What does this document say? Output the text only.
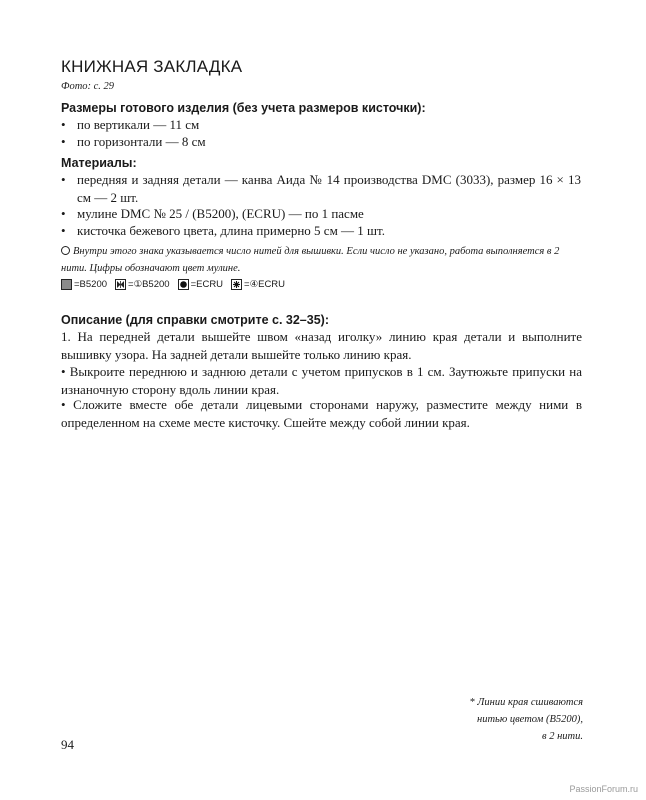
КНИЖНАЯ ЗАКЛАДКА
Фото: с. 29
Размеры готового изделия (без учета размеров кисточки):
• по вертикали — 11 см
• по горизонтали — 8 см
Материалы:
• передняя и задняя детали — канва Аида № 14 производства DMC (3033), размер 16 × 13 см — 2 шт.
• мулине DMC № 25 / (B5200), (ECRU) — по 1 пасме
• кисточка бежевого цвета, длина примерно 5 см — 1 шт.
Внутри этого знака указывается число нитей для вышивки. Если число не указано, работа выполняется в 2 нити. Цифры обозначают цвет мулине.
=B5200 =①B5200 =ECRU =④ECRU
Описание (для справки смотрите с. 32–35):
1. На передней детали вышейте швом «назад иголку» линию края детали и выполните вышивку узора. На задней детали вышейте только линию края.
• Выкроите переднюю и заднюю детали с учетом припусков в 1 см. Заутюжьте припуски на изнаночную сторону вдоль линии края.
• Сложите вместе обе детали лицевыми сторонами наружу, разместите между ними в определенном на схеме месте кисточку. Сшейте между собой линии края.
* Линии края сшиваются
нитью цветом (B5200),
в 2 нити.
94
PassionForum.ru
